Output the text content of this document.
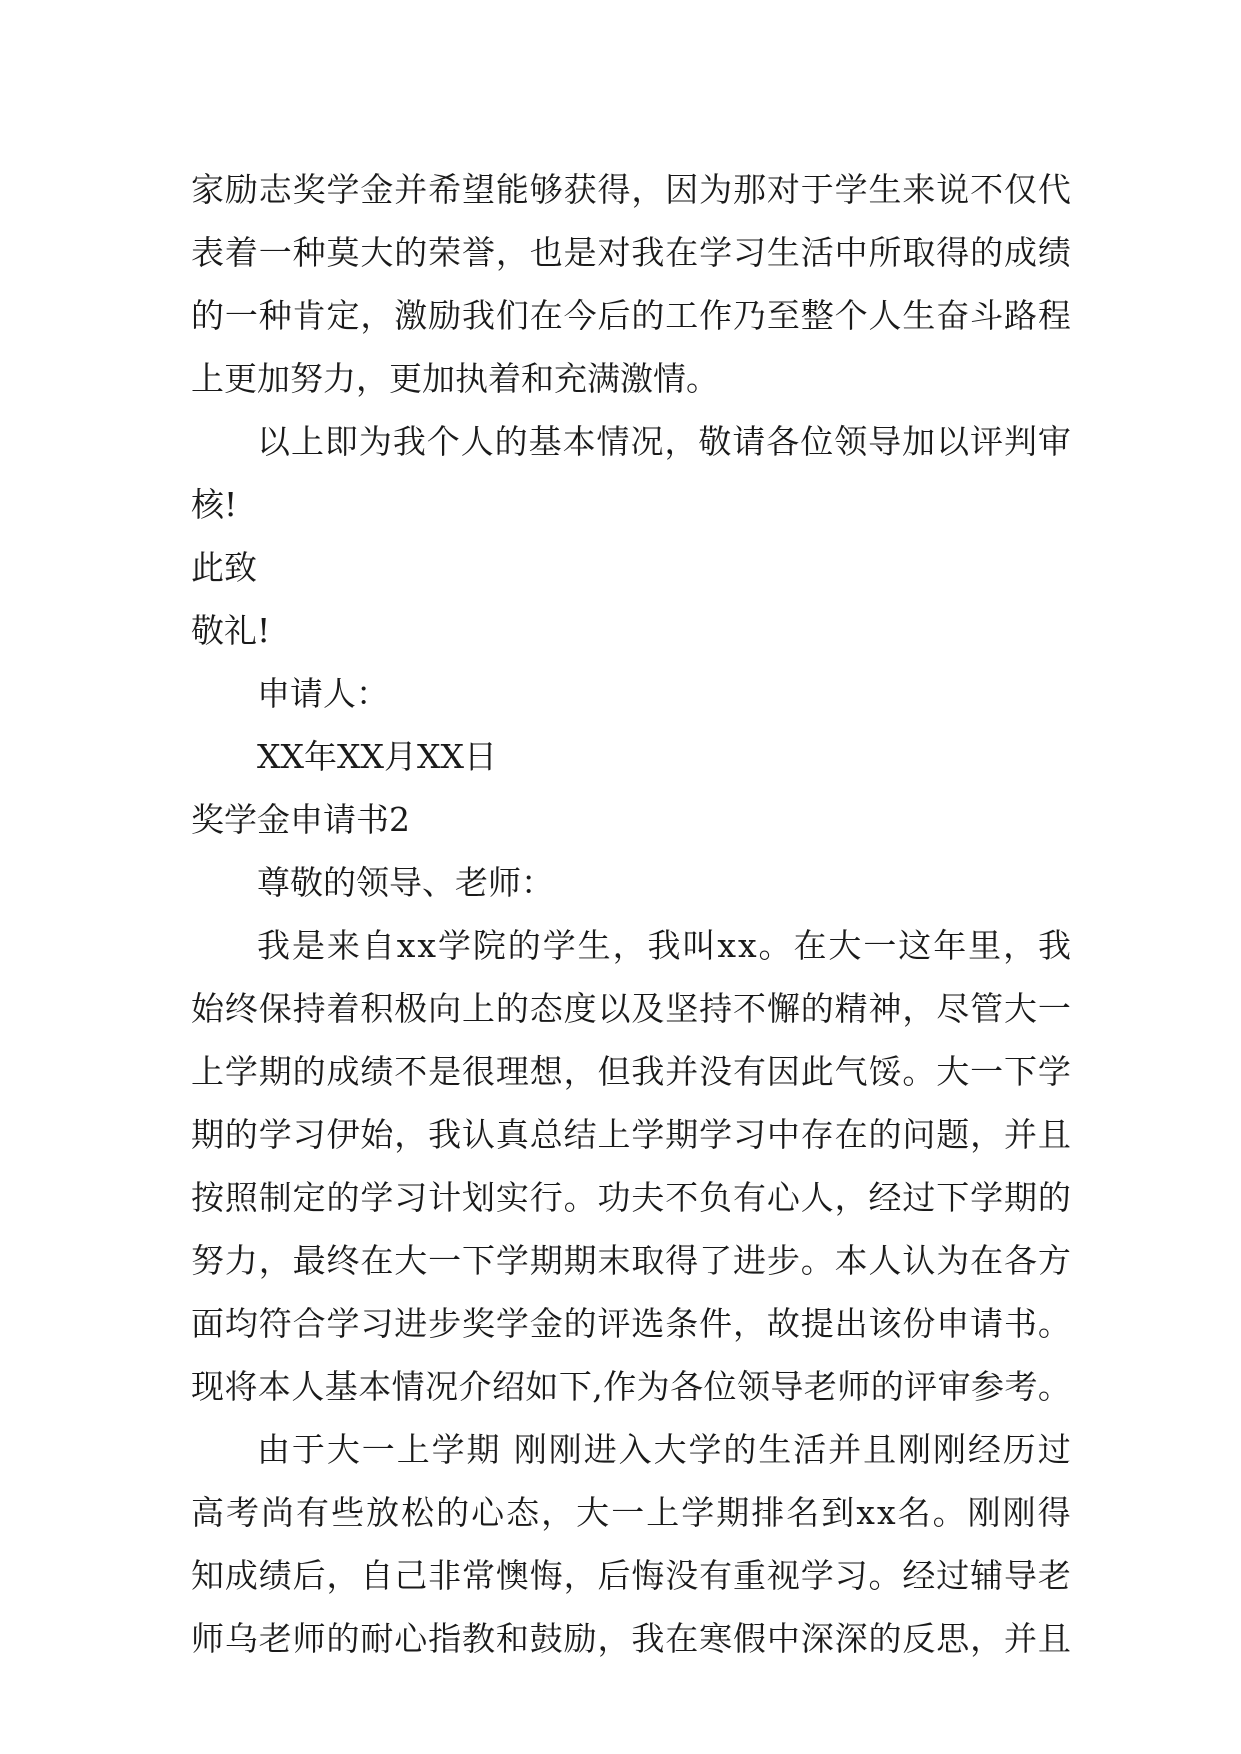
家 励 志 奖 学 金 并 希 望 能 够 获 得 ， 因 为 那 对 于 学 生 来 说 不 仅 代
表 着 一 种 莫 大 的 荣 誉 ， 也 是 对 我 在 学 习 生 活 中 所 取 得 的 成 绩
的 一 种 肯 定 ， 激 励 我 们 在 今 后 的 工 作 乃 至 整 个 人 生 奋 斗 路 程
上更加努力，更加执着和充满激情。
以 上 即 为 我 个 人 的 基 本 情 况 ， 敬 请 各 位 领 导 加 以 评 判 审
核!
此致
敬礼!
申请人：
XX年XX月XX日
奖学金申请书2
尊敬的领导、老师：
我 是 来 自 x x 学 院 的 学 生 ， 我 叫 x x 。 在 大 一 这 年 里 ， 我
始 终 保 持 着 积 极 向 上 的 态 度 以 及 坚 持 不 懈 的 精 神 ， 尽 管 大 一
上 学 期 的 成 绩 不 是 很 理 想 ， 但 我 并 没 有 因 此 气 馁 。 大 一 下 学
期 的 学 习 伊 始 ， 我 认 真 总 结 上 学 期 学 习 中 存 在 的 问 题 ， 并 且
按 照 制 定 的 学 习 计 划 实 行 。 功 夫 不 负 有 心 人 ， 经 过 下 学 期 的
努 力 ， 最 终 在 大 一 下 学 期 期 末 取 得 了 进 步 。 本 人 认 为 在 各 方
面 均 符 合 学 习 进 步 奖 学 金 的 评 选 条 件 ， 故 提 出 该 份 申 请 书 。
现 将 本 人 基 本 情 况 介 绍 如 下 , 作 为 各 位 领 导 老 师 的 评 审 参 考 。
由 于 大 一 上 学 期
刚 刚 进 入 大 学 的 生 活 并 且 刚 刚 经 历 过
高 考 尚 有 些 放 松 的 心 态 ， 大 一 上 学 期 排 名 到 x x 名 。 刚 刚 得
知 成 绩 后 ， 自 己 非 常 懊 悔 ， 后 悔 没 有 重 视 学 习 。 经 过 辅 导 老
师 乌 老 师 的 耐 心 指 教 和 鼓 励 ， 我 在 寒 假 中 深 深 的 反 思 ， 并 且
